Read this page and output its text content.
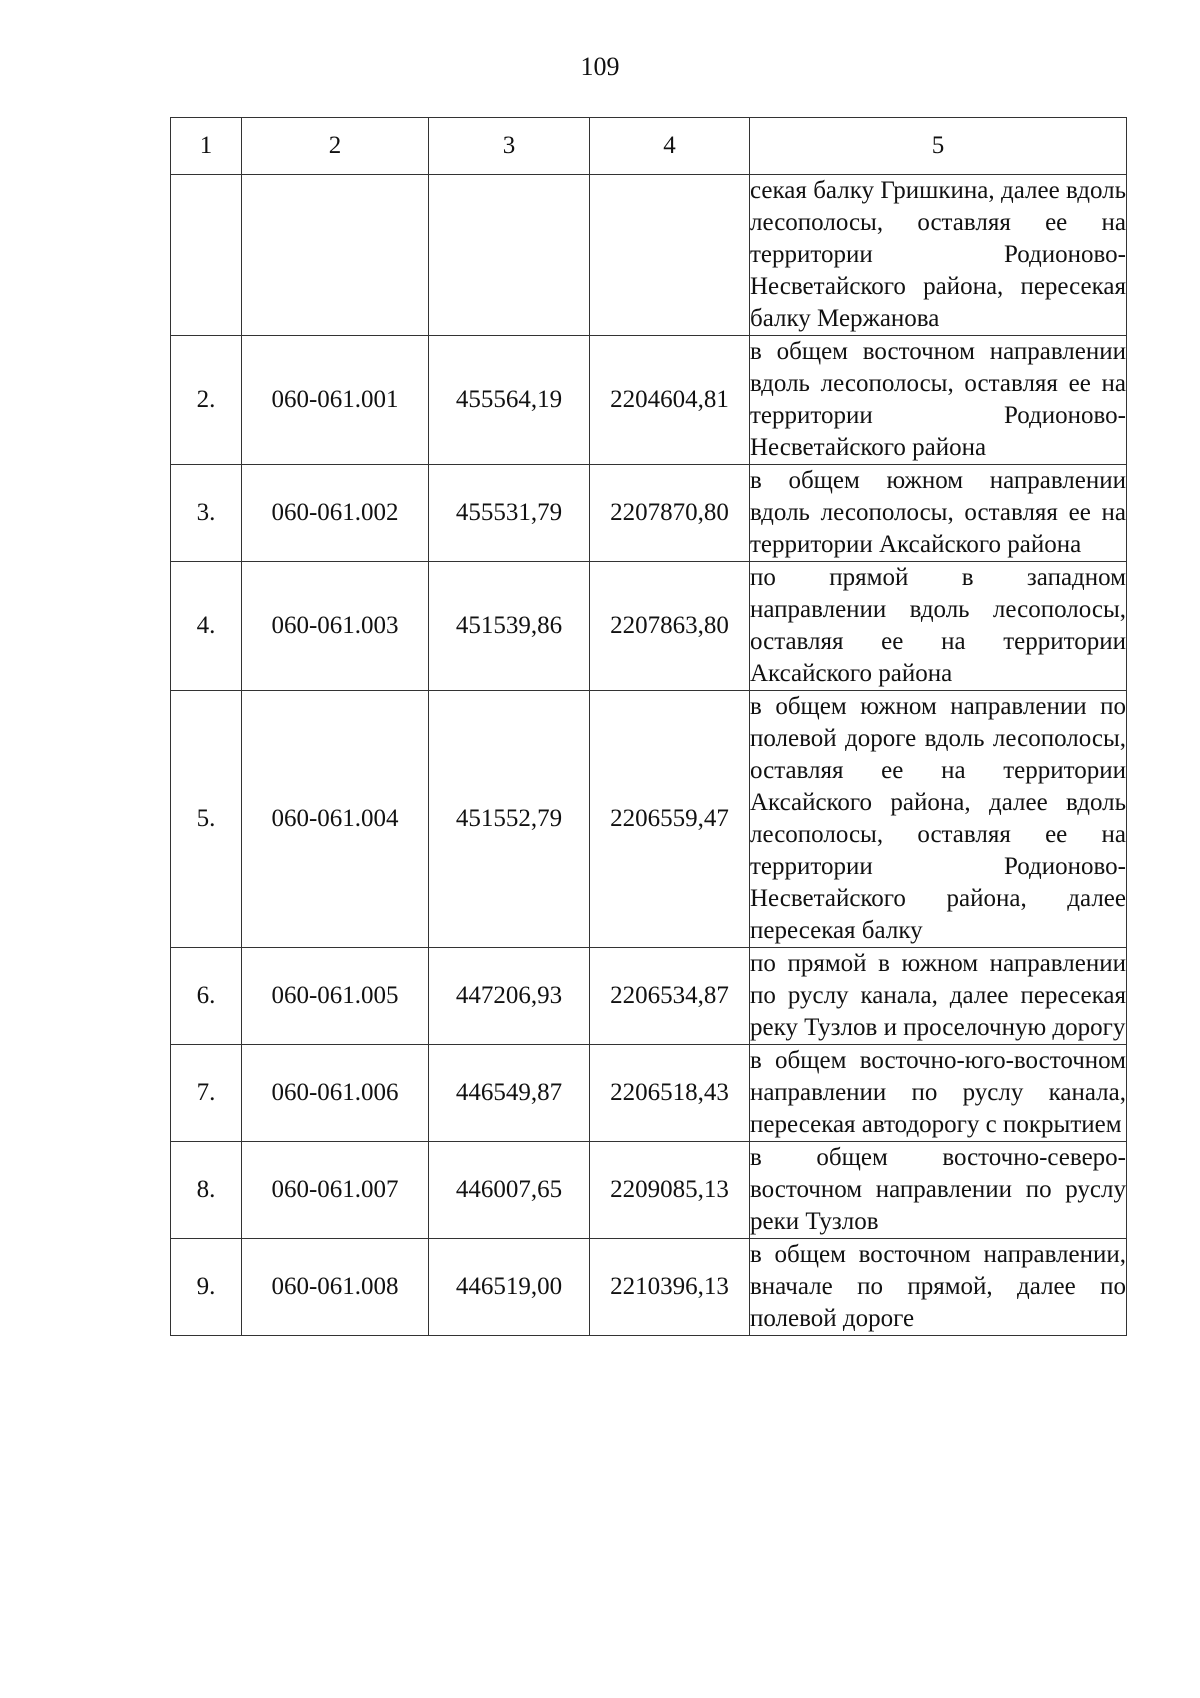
109
1	2	3	4	5
				секая балку Гришкина, далее вдоль лесополосы, оставляя ее на территории Родионово-Несветайского района, пересекая балку Мержанова
2.	060-061.001	455564,19	2204604,81	в общем восточном направлении вдоль лесополосы, оставляя ее на территории Родионово-Несветайского района
3.	060-061.002	455531,79	2207870,80	в общем южном направлении вдоль лесополосы, оставляя ее на территории Аксайского района
4.	060-061.003	451539,86	2207863,80	по прямой в западном направлении вдоль лесополосы, оставляя ее на территории Аксайского района
5.	060-061.004	451552,79	2206559,47	в общем южном направлении по полевой дороге вдоль лесополосы, оставляя ее на территории Аксайского района, далее вдоль лесополосы, оставляя ее на территории Родионово-Несветайского района, далее пересекая балку
6.	060-061.005	447206,93	2206534,87	по прямой в южном направлении по руслу канала, далее пересекая реку Тузлов и проселочную дорогу
7.	060-061.006	446549,87	2206518,43	в общем восточно-юго-восточном направлении по руслу канала, пересекая автодорогу с покрытием
8.	060-061.007	446007,65	2209085,13	в общем восточно-северо-восточном направлении по руслу реки Тузлов
9.	060-061.008	446519,00	2210396,13	в общем восточном направлении, вначале по прямой, далее по полевой дороге
